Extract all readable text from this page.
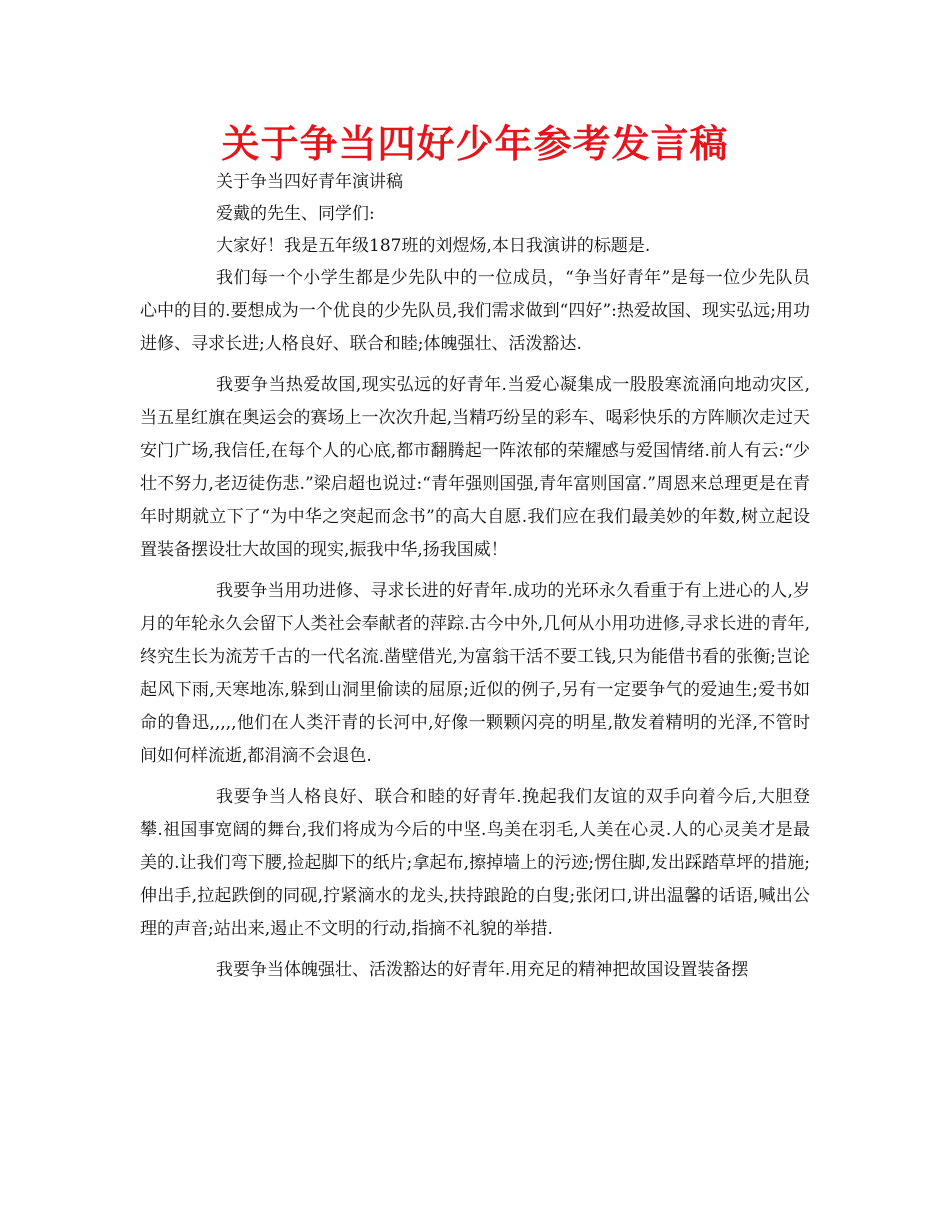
关于争当四好少年参考发言稿

关于争当四好青年演讲稿

爱戴的先生、同学们:

大家好！我是五年级187班的刘煜炀,本日我演讲的标题是.

我们每一个小学生都是少先队中的一位成员，“争当好青年”是每一位少先队员心中的目的.要想成为一个优良的少先队员,我们需求做到“四好”:热爱故国、现实弘远;用功进修、寻求长进;人格良好、联合和睦;体魄强壮、活泼豁达.

我要争当热爱故国,现实弘远的好青年.当爱心凝集成一股股寒流涌向地动灾区,当五星红旗在奥运会的赛场上一次次升起,当精巧纷呈的彩车、喝彩快乐的方阵顺次走过天安门广场,我信任,在每个人的心底,都市翻腾起一阵浓郁的荣耀感与爱国情绪.前人有云:“少壮不努力,老迈徒伤悲.”梁启超也说过:“青年强则国强,青年富则国富.”周恩来总理更是在青年时期就立下了“为中华之突起而念书”的高大自愿.我们应在我们最美妙的年数,树立起设置装备摆设壮大故国的现实,振我中华,扬我国威！

我要争当用功进修、寻求长进的好青年.成功的光环永久看重于有上进心的人,岁月的年轮永久会留下人类社会奉献者的萍踪.古今中外,几何从小用功进修,寻求长进的青年,终究生长为流芳千古的一代名流.凿壁借光,为富翁干活不要工钱,只为能借书看的张衡;岂论起风下雨,天寒地冻,躲到山洞里偷读的屈原;近似的例子,另有一定要争气的爱迪生;爱书如命的鲁迅,,,,,他们在人类汗青的长河中,好像一颗颗闪亮的明星,散发着精明的光泽,不管时间如何样流逝,都涓滴不会退色.

我要争当人格良好、联合和睦的好青年.挽起我们友谊的双手向着今后,大胆登攀.祖国事宽阔的舞台,我们将成为今后的中坚.鸟美在羽毛,人美在心灵.人的心灵美才是最美的.让我们弯下腰,捡起脚下的纸片;拿起布,擦掉墙上的污迹;愣住脚,发出踩踏草坪的措施;伸出手,拉起跌倒的同砚,拧紧滴水的龙头,扶持踉跄的白叟;张闭口,讲出温馨的话语,喊出公理的声音;站出来,遏止不文明的行动,指摘不礼貌的举措.

我要争当体魄强壮、活泼豁达的好青年.用充足的精神把故国设置装备摆
